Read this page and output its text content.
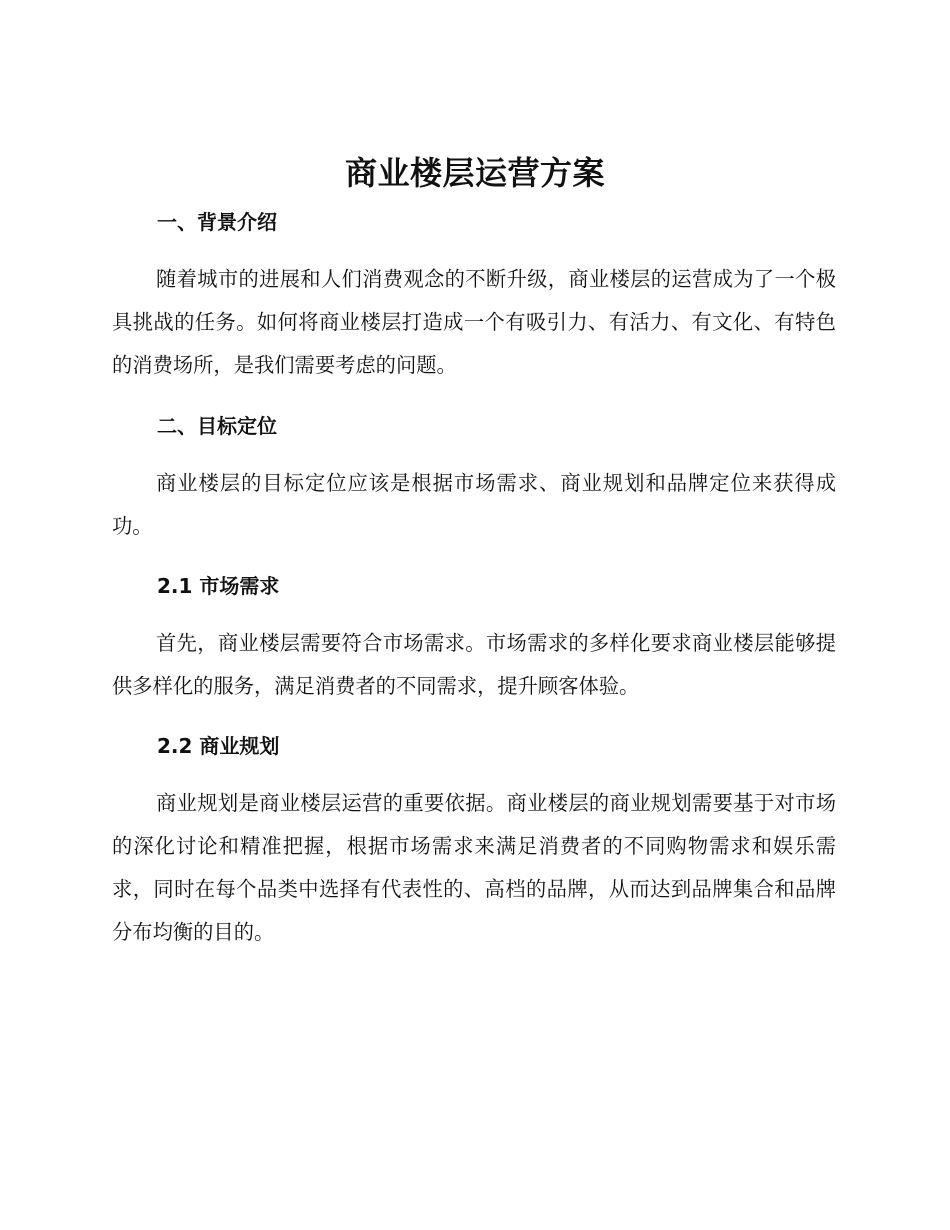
商业楼层运营方案
一、背景介绍

随着城市的进展和人们消费观念的不断升级，商业楼层的运营成为了一个极具挑战的任务。如何将商业楼层打造成一个有吸引力、有活力、有文化、有特色的消费场所，是我们需要考虑的问题。

二、目标定位

商业楼层的目标定位应该是根据市场需求、商业规划和品牌定位来获得成功。

2.1 市场需求

首先，商业楼层需要符合市场需求。市场需求的多样化要求商业楼层能够提供多样化的服务，满足消费者的不同需求，提升顾客体验。

2.2 商业规划

商业规划是商业楼层运营的重要依据。商业楼层的商业规划需要基于对市场的深化讨论和精准把握，根据市场需求来满足消费者的不同购物需求和娱乐需求，同时在每个品类中选择有代表性的、高档的品牌，从而达到品牌集合和品牌分布均衡的目的。
